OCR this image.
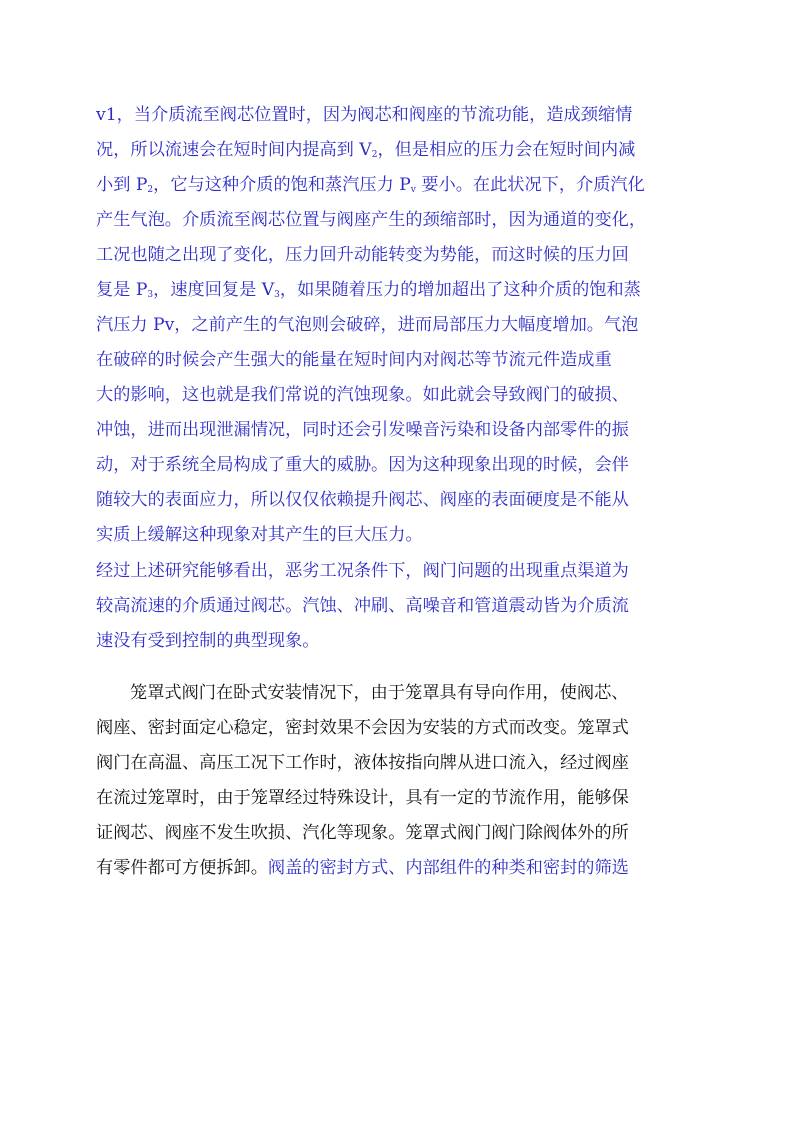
v1，当介质流至阀芯位置时，因为阀芯和阀座的节流功能，造成颈缩情
况，所以流速会在短时间内提高到 $V_2$，但是相应的压力会在短时间内减
小到 $P_2$，它与这种介质的饱和蒸汽压力 $P_v$ 要小。在此状况下，介质汽化
产生气泡。介质流至阀芯位置与阀座产生的颈缩部时，因为通道的变化，
工况也随之出现了变化，压力回升动能转变为势能，而这时候的压力回
复是 $P_3$，速度回复是 $V_3$，如果随着压力的增加超出了这种介质的饱和蒸
汽压力 Pv，之前产生的气泡则会破碎，进而局部压力大幅度增加。气泡
在破碎的时候会产生强大的能量在短时间内对阀芯等节流元件造成重
大的影响，这也就是我们常说的汽蚀现象。如此就会导致阀门的破损、
冲蚀，进而出现泄漏情况，同时还会引发噪音污染和设备内部零件的振
动，对于系统全局构成了重大的威胁。因为这种现象出现的时候，会伴
随较大的表面应力，所以仅仅依赖提升阀芯、阀座的表面硬度是不能从
实质上缓解这种现象对其产生的巨大压力。
经过上述研究能够看出，恶劣工况条件下，阀门问题的出现重点渠道为
较高流速的介质通过阀芯。汽蚀、冲刷、高噪音和管道震动皆为介质流
速没有受到控制的典型现象。
笼罩式阀门在卧式安装情况下，由于笼罩具有导向作用，使阀芯、
阀座、密封面定心稳定，密封效果不会因为安装的方式而改变。笼罩式
阀门在高温、高压工况下工作时，液体按指向牌从进口流入，经过阀座
在流过笼罩时，由于笼罩经过特殊设计，具有一定的节流作用，能够保
证阀芯、阀座不发生吹损、汽化等现象。笼罩式阀门阀门除阀体外的所
有零件都可方便拆卸。阀盖的密封方式、内部组件的种类和密封的筛选
